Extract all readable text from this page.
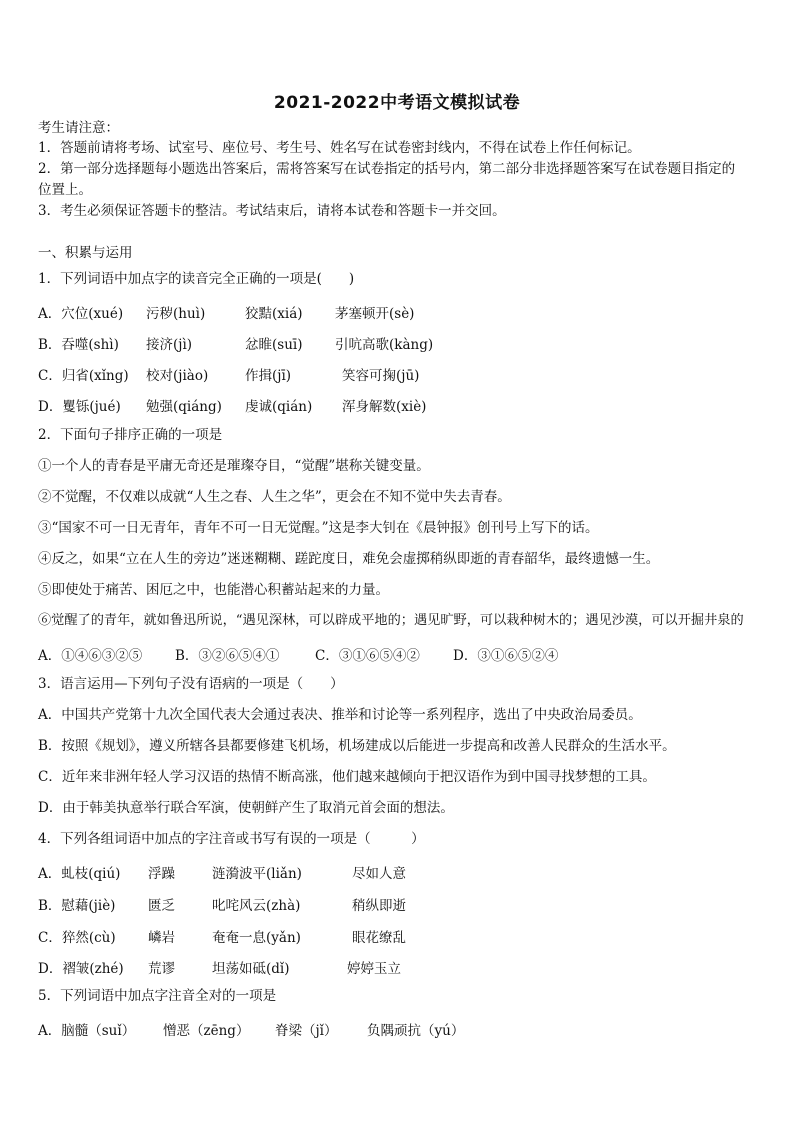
2021-2022中考语文模拟试卷
考生请注意：
1．答题前请将考场、试室号、座位号、考生号、姓名写在试卷密封线内，不得在试卷上作任何标记。
2．第一部分选择题每小题选出答案后，需将答案写在试卷指定的括号内，第二部分非选择题答案写在试卷题目指定的
位置上。
3．考生必须保证答题卡的整洁。考试结束后，请将本试卷和答题卡一并交回。
一、积累与运用
1．下列词语中加点字的读音完全正确的一项是(　　)
A．穴位(xué) 污秽(huì)	狡黠(xiá) 茅塞顿开(sè)
B．吞噬(shì) 接济(jì)	忿睢(suī) 引吭高歌(kàng)
C．归省(xǐng) 校对(jiào)	作揖(jī)	笑容可掬(jū)
D．矍铄(jué) 勉强(qiáng) 虔诚(qián) 浑身解数(xiè)
2．下面句子排序正确的一项是
①一个人的青春是平庸无奇还是璀璨夺目，“觉醒”堪称关键变量。
②不觉醒，不仅难以成就“人生之春、人生之华”，更会在不知不觉中失去青春。
③“国家不可一日无青年，青年不可一日无觉醒。”这是李大钊在《晨钟报》创刊号上写下的话。
④反之，如果“立在人生的旁边”迷迷糊糊、蹉跎度日，难免会虚掷稍纵即逝的青春韶华，最终遗憾一生。
⑤即使处于痛苦、困厄之中，也能潜心积蓄站起来的力量。
⑥觉醒了的青年，就如鲁迅所说，“遇见深林，可以辟成平地的；遇见旷野，可以栽种树木的；遇见沙漠，可以开掘井泉的
A．①④⑥③②⑤ B．③②⑥⑤④①	C．③①⑥⑤④② D．③①⑥⑤②④
3．语言运用—下列句子没有语病的一项是（　　）
A．中国共产党第十九次全国代表大会通过表决、推举和讨论等一系列程序，选出了中央政治局委员。
B．按照《规划》，遵义所辖各县都要修建飞机场，机场建成以后能进一步提高和改善人民群众的生活水平。
C．近年来非洲年轻人学习汉语的热情不断高涨，他们越来越倾向于把汉语作为到中国寻找梦想的工具。
D．由于韩美执意举行联合军演，使朝鲜产生了取消元首会面的想法。
4．下列各组词语中加点的字注音或书写有误的一项是（　　　）
A．虬枝(qiú) 浮躁	涟漪波平(liǎn)	尽如人意
B．慰藉(jiè) 匮乏	叱咤风云(zhà)	稍纵即逝
C．猝然(cù) 嶙岩	奄奄一息(yǎn)	眼花缭乱
D．褶皱(zhé) 荒谬	坦荡如砥(dǐ)	婷婷玉立
5．下列词语中加点字注音全对的一项是
A．脑髓（suǐ） 憎恶（zēng） 脊梁（jǐ） 负隅顽抗（yú）
